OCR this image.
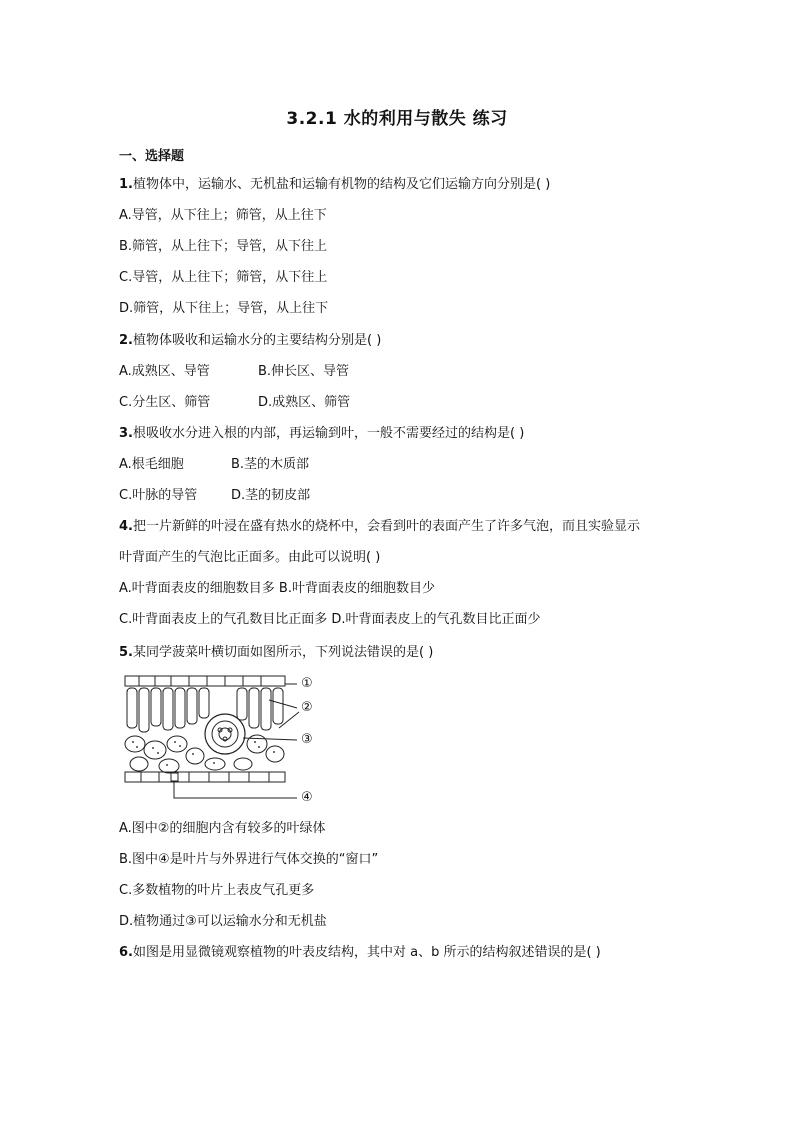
3.2.1 水的利用与散失 练习
一、选择题
1.植物体中，运输水、无机盐和运输有机物的结构及它们运输方向分别是( )
A.导管，从下往上；筛管，从上往下
B.筛管，从上往下；导管，从下往上
C.导管，从上往下；筛管，从下往上
D.筛管，从下往上；导管，从上往下
2.植物体吸收和运输水分的主要结构分别是( )
A.成熟区、导管	B.伸长区、导管
C.分生区、筛管	D.成熟区、筛管
3.根吸收水分进入根的内部，再运输到叶，一般不需要经过的结构是( )
A.根毛细胞	B.茎的木质部
C.叶脉的导管	D.茎的韧皮部
4.把一片新鲜的叶浸在盛有热水的烧杯中，会看到叶的表面产生了许多气泡，而且实验显示
叶背面产生的气泡比正面多。由此可以说明( )
A.叶背面表皮的细胞数目多 B.叶背面表皮的细胞数目少
C.叶背面表皮上的气孔数目比正面多 D.叶背面表皮上的气孔数目比正面少
5.某同学菠菜叶横切面如图所示，下列说法错误的是( )
①
②
③
④
A.图中②的细胞内含有较多的叶绿体
B.图中④是叶片与外界进行气体交换的“窗口”
C.多数植物的叶片上表皮气孔更多
D.植物通过③可以运输水分和无机盐
6.如图是用显微镜观察植物的叶表皮结构，其中对 a、b 所示的结构叙述错误的是( )
